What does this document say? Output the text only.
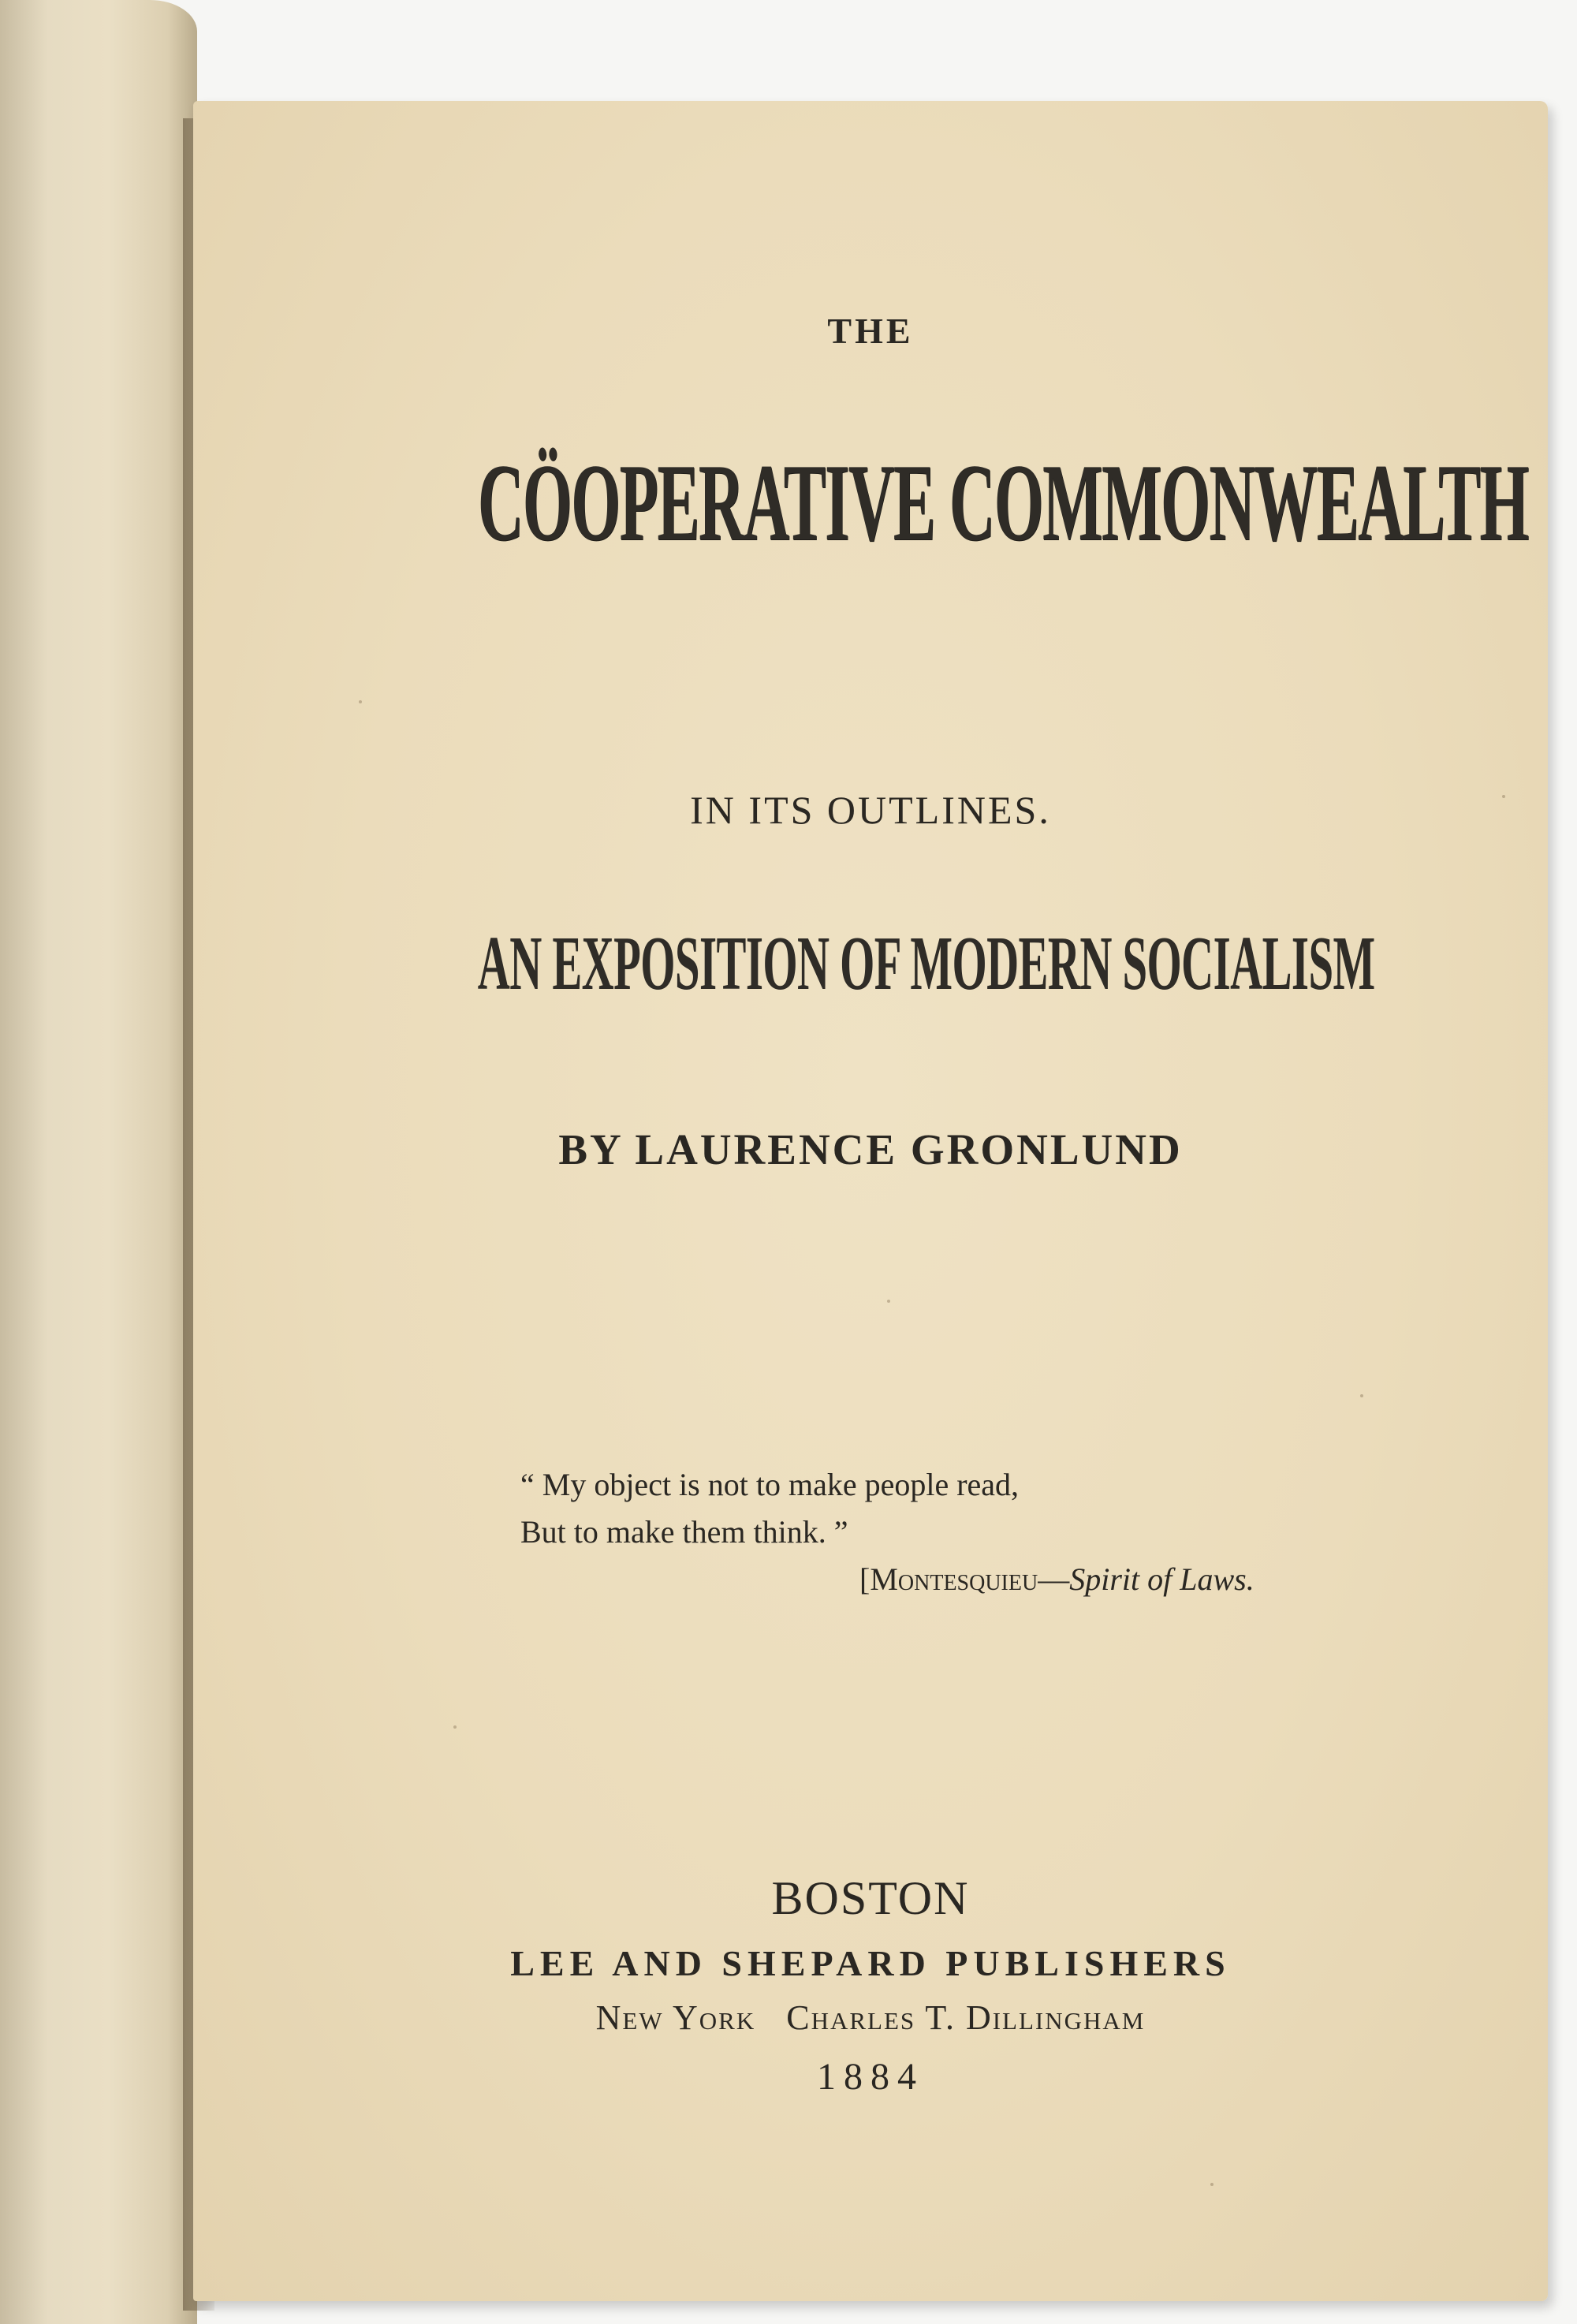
THE

CÖOPERATIVE COMMONWEALTH

IN ITS OUTLINES.

AN EXPOSITION OF MODERN SOCIALISM

BY LAURENCE GRONLUND

“ My object is not to make people read,
But to make them think. ”
[Montesquieu—Spirit of Laws.

BOSTON

LEE AND SHEPARD PUBLISHERS

New York Charles T. Dillingham

1884
